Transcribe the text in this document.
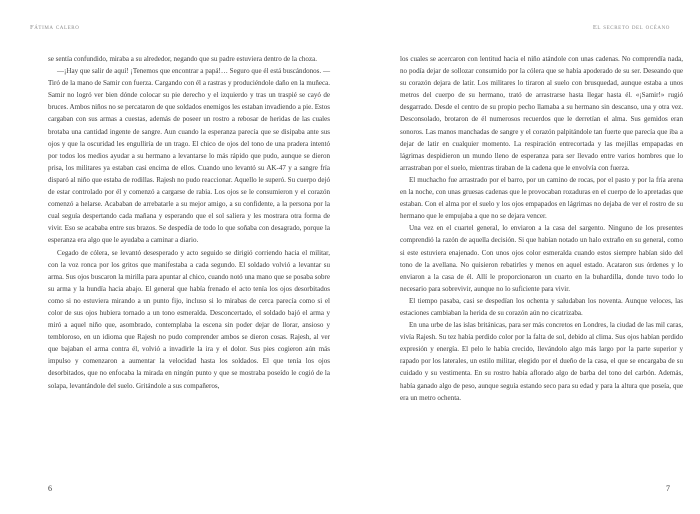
Fátima calero

se sentía confundido, miraba a su alrededor, negando que su padre estuviera dentro de la choza.

—¡Hay que salir de aquí! ¡Tenemos que encontrar a papá!… Seguro que él está buscándonos. —Tiró de la mano de Samir con fuerza. Cargando con él a rastras y produciéndole daño en la muñeca. Samir no logró ver bien dónde colocar su pie derecho y el izquierdo y tras un traspié se cayó de bruces. Ambos niños no se percataron de que soldados enemigos les estaban invadiendo a pie. Estos cargaban con sus armas a cuestas, además de poseer un rostro a rebosar de heridas de las cuales brotaba una cantidad ingente de sangre. Aun cuando la esperanza parecía que se disipaba ante sus ojos y que la oscuridad les engulliría de un trago. El chico de ojos del tono de una pradera intentó por todos los medios ayudar a su hermano a levantarse lo más rápido que pudo, aunque se dieron prisa, los militares ya estaban casi encima de ellos. Cuando uno levantó su AK-47 y a sangre fría disparó al niño que estaba de rodillas. Rajesh no pudo reaccionar. Aquello le superó. Su cuerpo dejó de estar controlado por él y comenzó a cargarse de rabia. Los ojos se le consumieron y el corazón comenzó a helarse. Acababan de arrebatarle a su mejor amigo, a su confidente, a la persona por la cual seguía despertando cada mañana y esperando que el sol saliera y les mostrara otra forma de vivir. Eso se acababa entre sus brazos. Se despedía de todo lo que soñaba con desagrado, porque la esperanza era algo que le ayudaba a caminar a diario.

Cegado de cólera, se levantó desesperado y acto seguido se dirigió corriendo hacia el militar, con la voz ronca por los gritos que manifestaba a cada segundo. El soldado volvió a levantar su arma. Sus ojos buscaron la mirilla para apuntar al chico, cuando notó una mano que se posaba sobre su arma y la hundía hacia abajo. El general que había frenado el acto tenía los ojos desorbitados como si no estuviera mirando a un punto fijo, incluso si lo mirabas de cerca parecía como si el color de sus ojos hubiera tornado a un tono esmeralda. Desconcertado, el soldado bajó el arma y miró a aquel niño que, asombrado, contemplaba la escena sin poder dejar de llorar, ansioso y tembloroso, en un idioma que Rajesh no pudo comprender ambos se dieron cosas. Rajesh, al ver que bajaban el arma contra él, volvió a invadirle la ira y el dolor. Sus pies cogieron aún más impulso y comenzaron a aumentar la velocidad hasta los soldados. El que tenía los ojos desorbitados, que no enfocaba la mirada en ningún punto y que se mostraba poseído le cogió de la solapa, levantándole del suelo. Gritándole a sus compañeros,

6
El secreto del océano

los cuales se acercaron con lentitud hacia el niño atándole con unas cadenas. No comprendía nada, no podía dejar de sollozar consumido por la cólera que se había apoderado de su ser. Deseando que su corazón dejara de latir. Los militares lo tiraron al suelo con brusquedad, aunque estaba a unos metros del cuerpo de su hermano, trató de arrastrarse hasta llegar hasta él. «¡Samir!» rugió desgarrado. Desde el centro de su propio pecho llamaba a su hermano sin descanso, una y otra vez. Desconsolado, brotaron de él numerosos recuerdos que le derretían el alma. Sus gemidos eran sonoros. Las manos manchadas de sangre y el corazón palpitándole tan fuerte que parecía que iba a dejar de latir en cualquier momento. La respiración entrecortada y las mejillas empapadas en lágrimas despidieron un mundo lleno de esperanza para ser llevado entre varios hombres que lo arrastraban por el suelo, mientras tiraban de la cadena que le envolvía con fuerza.

El muchacho fue arrastrado por el barro, por un camino de rocas, por el pasto y por la fría arena en la noche, con unas gruesas cadenas que le provocaban rozaduras en el cuerpo de lo apretadas que estaban. Con el alma por el suelo y los ojos empapados en lágrimas no dejaba de ver el rostro de su hermano que le empujaba a que no se dejara vencer.

Una vez en el cuartel general, lo enviaron a la casa del sargento. Ninguno de los presentes comprendió la razón de aquella decisión. Si que habían notado un halo extraño en su general, como si este estuviera enajenado. Con unos ojos color esmeralda cuando estos siempre habían sido del tono de la avellana. No quisieron rebatirles y menos en aquel estado. Acataron sus órdenes y lo enviaron a la casa de él. Allí le proporcionaron un cuarto en la buhardilla, donde tuvo todo lo necesario para sobrevivir, aunque no lo suficiente para vivir.

El tiempo pasaba, casi se despedían los ochenta y saludaban los noventa. Aunque veloces, las estaciones cambiaban la herida de su corazón aún no cicatrizaba.

En una urbe de las islas británicas, para ser más concretos en Londres, la ciudad de las mil caras, vivía Rajesh. Su tez había perdido color por la falta de sol, debido al clima. Sus ojos habían perdido expresión y energía. El pelo le había crecido, llevándolo algo más largo por la parte superior y rapado por los laterales, un estilo militar, elegido por el dueño de la casa, el que se encargaba de su cuidado y su vestimenta. En su rostro había aflorado algo de barba del tono del carbón. Además, había ganado algo de peso, aunque seguía estando seco para su edad y para la altura que poseía, que era un metro ochenta.

7
